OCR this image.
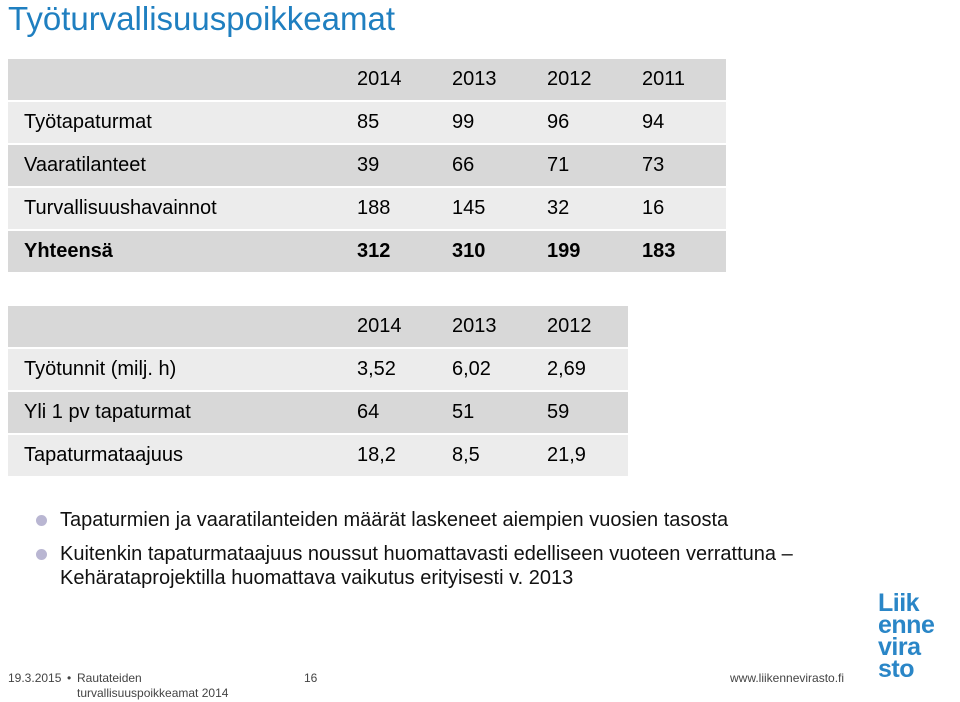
Työturvallisuuspoikkeamat
	2014	2013	2012	2011
Työtapaturmat	85	99	96	94
Vaaratilanteet	39	66	71	73
Turvallisuushavainnot	188	145	32	16
Yhteensä	312	310	199	183
	2014	2013	2012
Työtunnit (milj. h)	3,52	6,02	2,69
Yli 1 pv tapaturmat	64	51	59
Tapaturmataajuus	18,2	8,5	21,9
Tapaturmien ja vaaratilanteiden määrät laskeneet aiempien vuosien tasosta
Kuitenkin tapaturmataajuus noussut huomattavasti edelliseen vuoteen verrattuna – Kehärataprojektilla huomattava vaikutus erityisesti v. 2013
19.3.2015 • Rautateiden
turvallisuuspoikkeamat 2014
16	www.liikennevirasto.fi
Liik
enne
vira
sto
